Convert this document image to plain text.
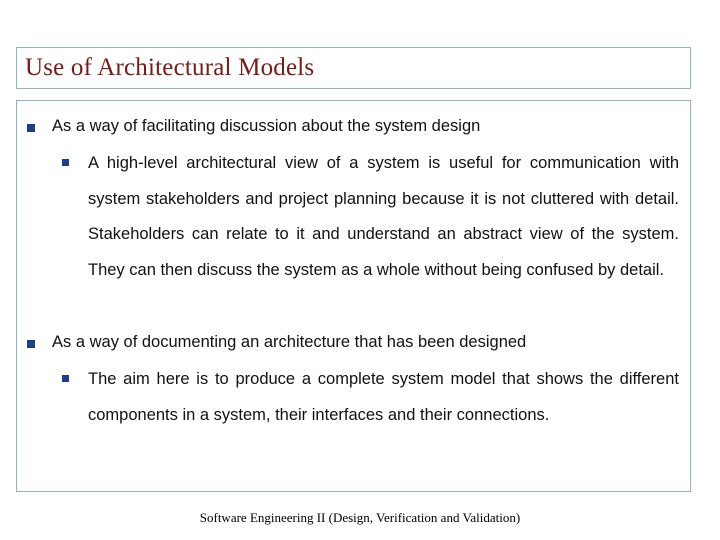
Use of Architectural Models
As a way of facilitating discussion about the system design

A high-level architectural view of a system is useful for communication with system stakeholders and project planning because it is not cluttered with detail. Stakeholders can relate to it and understand an abstract view of the system. They can then discuss the system as a whole without being confused by detail.

As a way of documenting an architecture that has been designed

The aim here is to produce a complete system model that shows the different components in a system, their interfaces and their connections.

Software Engineering II (Design, Verification and Validation)
